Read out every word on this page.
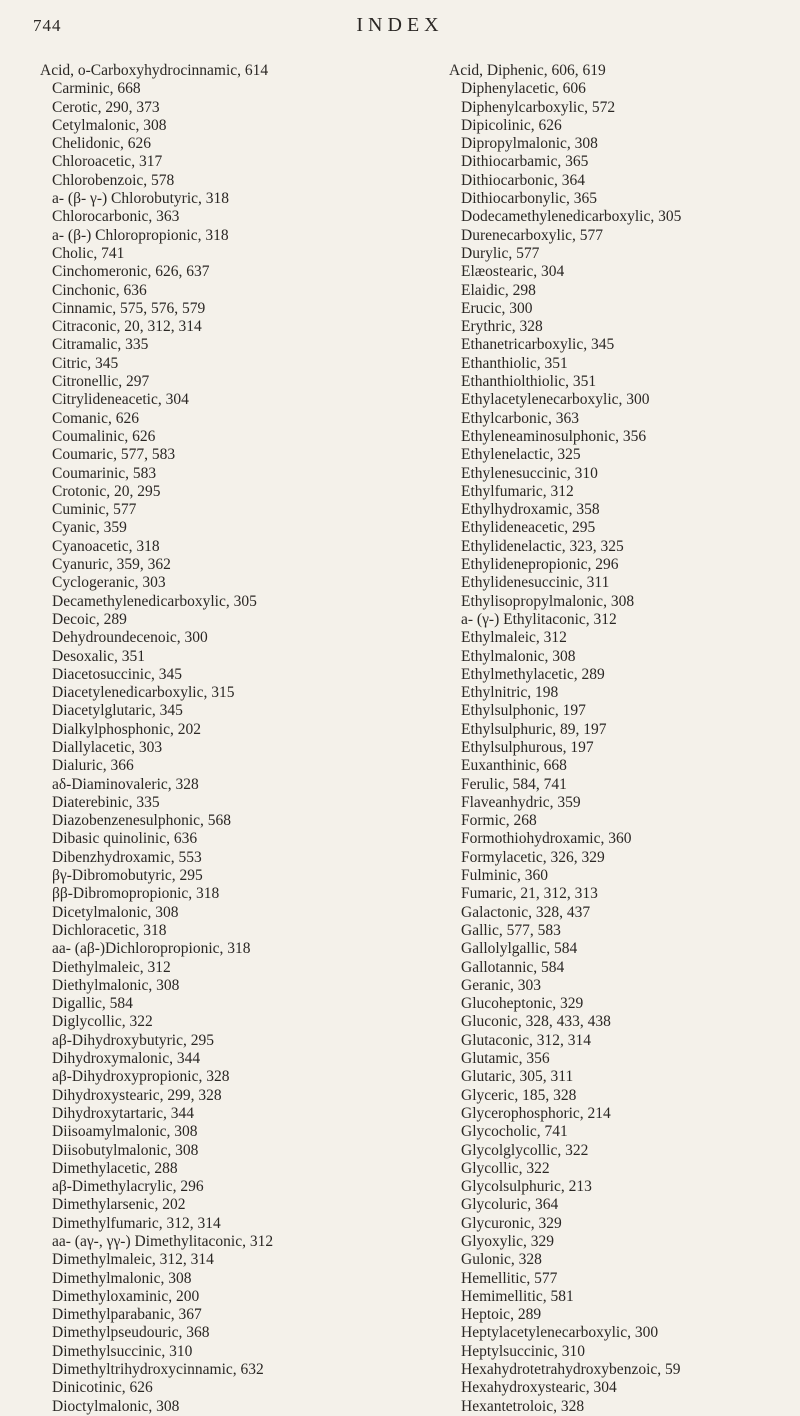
744	INDEX
Acid, o-Carboxyhydrocinnamic, 614
Carminic, 668
Cerotic, 290, 373
Cetylmalonic, 308
Chelidonic, 626
Chloroacetic, 317
Chlorobenzoic, 578
a- (β- γ-) Chlorobutyric, 318
Chlorocarbonic, 363
a- (β-) Chloropropionic, 318
Cholic, 741
Cinchomeronic, 626, 637
Cinchonic, 636
Cinnamic, 575, 576, 579
Citraconic, 20, 312, 314
Citramalic, 335
Citric, 345
Citronellic, 297
Citrylideneacetic, 304
Comanic, 626
Coumalinic, 626
Coumaric, 577, 583
Coumarinic, 583
Crotonic, 20, 295
Cuminic, 577
Cyanic, 359
Cyanoacetic, 318
Cyanuric, 359, 362
Cyclogeranic, 303
Decamethylenedicarboxylic, 305
Decoic, 289
Dehydroundecenoic, 300
Desoxalic, 351
Diacetosuccinic, 345
Diacetylenedicarboxylic, 315
Diacetylglutaric, 345
Dialkylphosphonic, 202
Diallylacetic, 303
Dialuric, 366
aδ-Diaminovaleric, 328
Diaterebinic, 335
Diazobenzenesulphonic, 568
Dibasic quinolinic, 636
Dibenzhydroxamic, 553
βγ-Dibromobutyric, 295
ββ-Dibromopropionic, 318
Dicetylmalonic, 308
Dichloracetic, 318
aa- (aβ-)Dichloropropionic, 318
Diethylmaleic, 312
Diethylmalonic, 308
Digallic, 584
Diglycollic, 322
aβ-Dihydroxybutyric, 295
Dihydroxymalonic, 344
aβ-Dihydroxypropionic, 328
Dihydroxystearic, 299, 328
Dihydroxytartaric, 344
Diisoamylmalonic, 308
Diisobutylmalonic, 308
Dimethylacetic, 288
aβ-Dimethylacrylic, 296
Dimethylarsenic, 202
Dimethylfumaric, 312, 314
aa- (aγ-, γγ-) Dimethylitaconic, 312
Dimethylmaleic, 312, 314
Dimethylmalonic, 308
Dimethyloxaminic, 200
Dimethylparabanic, 367
Dimethylpseudouric, 368
Dimethylsuccinic, 310
Dimethyltrihydroxycinnamic, 632
Dinicotinic, 626
Dioctylmalonic, 308
Acid, Diphenic, 606, 619
Diphenylacetic, 606
Diphenylcarboxylic, 572
Dipicolinic, 626
Dipropylmalonic, 308
Dithiocarbamic, 365
Dithiocarbonic, 364
Dithiocarbonylic, 365
Dodecamethylenedicarboxylic, 305
Durenecarboxylic, 577
Durylic, 577
Elæostearic, 304
Elaidic, 298
Erucic, 300
Erythric, 328
Ethanetricarboxylic, 345
Ethanthiolic, 351
Ethanthiolthiolic, 351
Ethylacetylenecarboxylic, 300
Ethylcarbonic, 363
Ethyleneaminosulphonic, 356
Ethylenelactic, 325
Ethylenesuccinic, 310
Ethylfumaric, 312
Ethylhydroxamic, 358
Ethylideneacetic, 295
Ethylidenelactic, 323, 325
Ethylidenepropionic, 296
Ethylidenesuccinic, 311
Ethylisopropylmalonic, 308
a- (γ-) Ethylitaconic, 312
Ethylmaleic, 312
Ethylmalonic, 308
Ethylmethylacetic, 289
Ethylnitric, 198
Ethylsulphonic, 197
Ethylsulphuric, 89, 197
Ethylsulphurous, 197
Euxanthinic, 668
Ferulic, 584, 741
Flaveanhydric, 359
Formic, 268
Formothiohydroxamic, 360
Formylacetic, 326, 329
Fulminic, 360
Fumaric, 21, 312, 313
Galactonic, 328, 437
Gallic, 577, 583
Gallolylgallic, 584
Gallotannic, 584
Geranic, 303
Glucoheptonic, 329
Gluconic, 328, 433, 438
Glutaconic, 312, 314
Glutamic, 356
Glutaric, 305, 311
Glyceric, 185, 328
Glycerophosphoric, 214
Glycocholic, 741
Glycolglycollic, 322
Glycollic, 322
Glycolsulphuric, 213
Glycoluric, 364
Glycuronic, 329
Glyoxylic, 329
Gulonic, 328
Hemellitic, 577
Hemimellitic, 581
Heptoic, 289
Heptylacetylenecarboxylic, 300
Heptylsuccinic, 310
Hexahydrotetrahydroxybenzoic, 59
Hexahydroxystearic, 304
Hexantetroloic, 328
